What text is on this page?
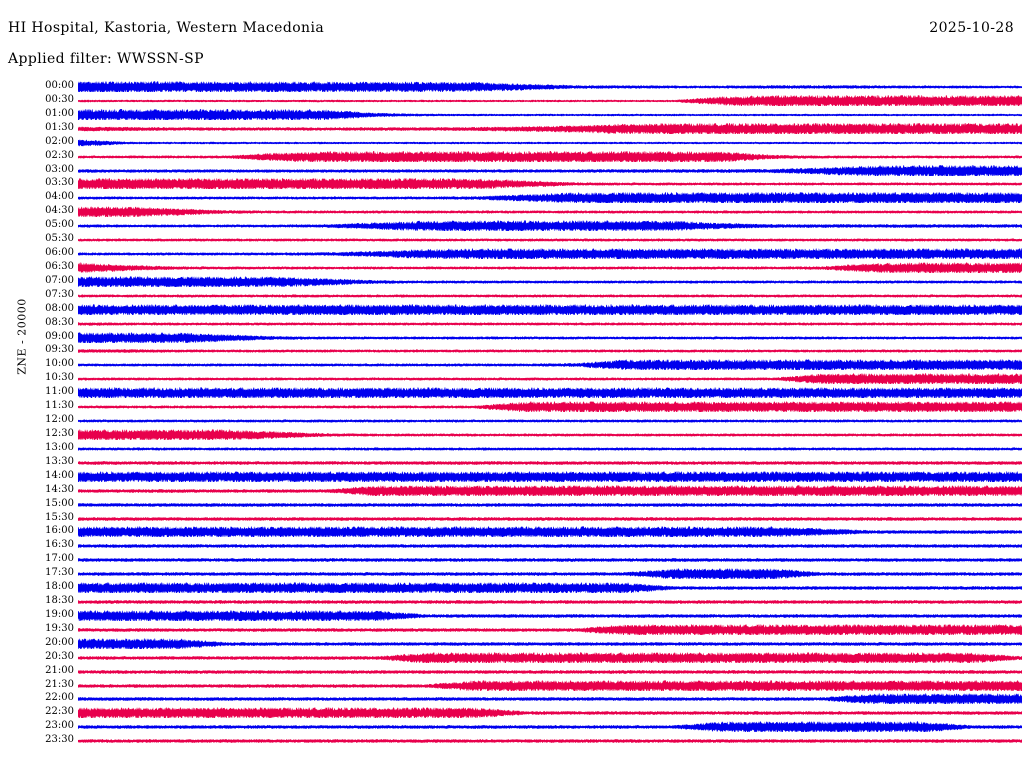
HI Hospital, Kastoria, Western Macedonia	2025-10-28
Applied filter: WWSSN-SP
ZNE - 20000
00:00
00:30
01:00
01:30
02:00
02:30
03:00
03:30
04:00
04:30
05:00
05:30
06:00
06:30
07:00
07:30
08:00
08:30
09:00
09:30
10:00
10:30
11:00
11:30
12:00
12:30
13:00
13:30
14:00
14:30
15:00
15:30
16:00
16:30
17:00
17:30
18:00
18:30
19:00
19:30
20:00
20:30
21:00
21:30
22:00
22:30
23:00
23:30
